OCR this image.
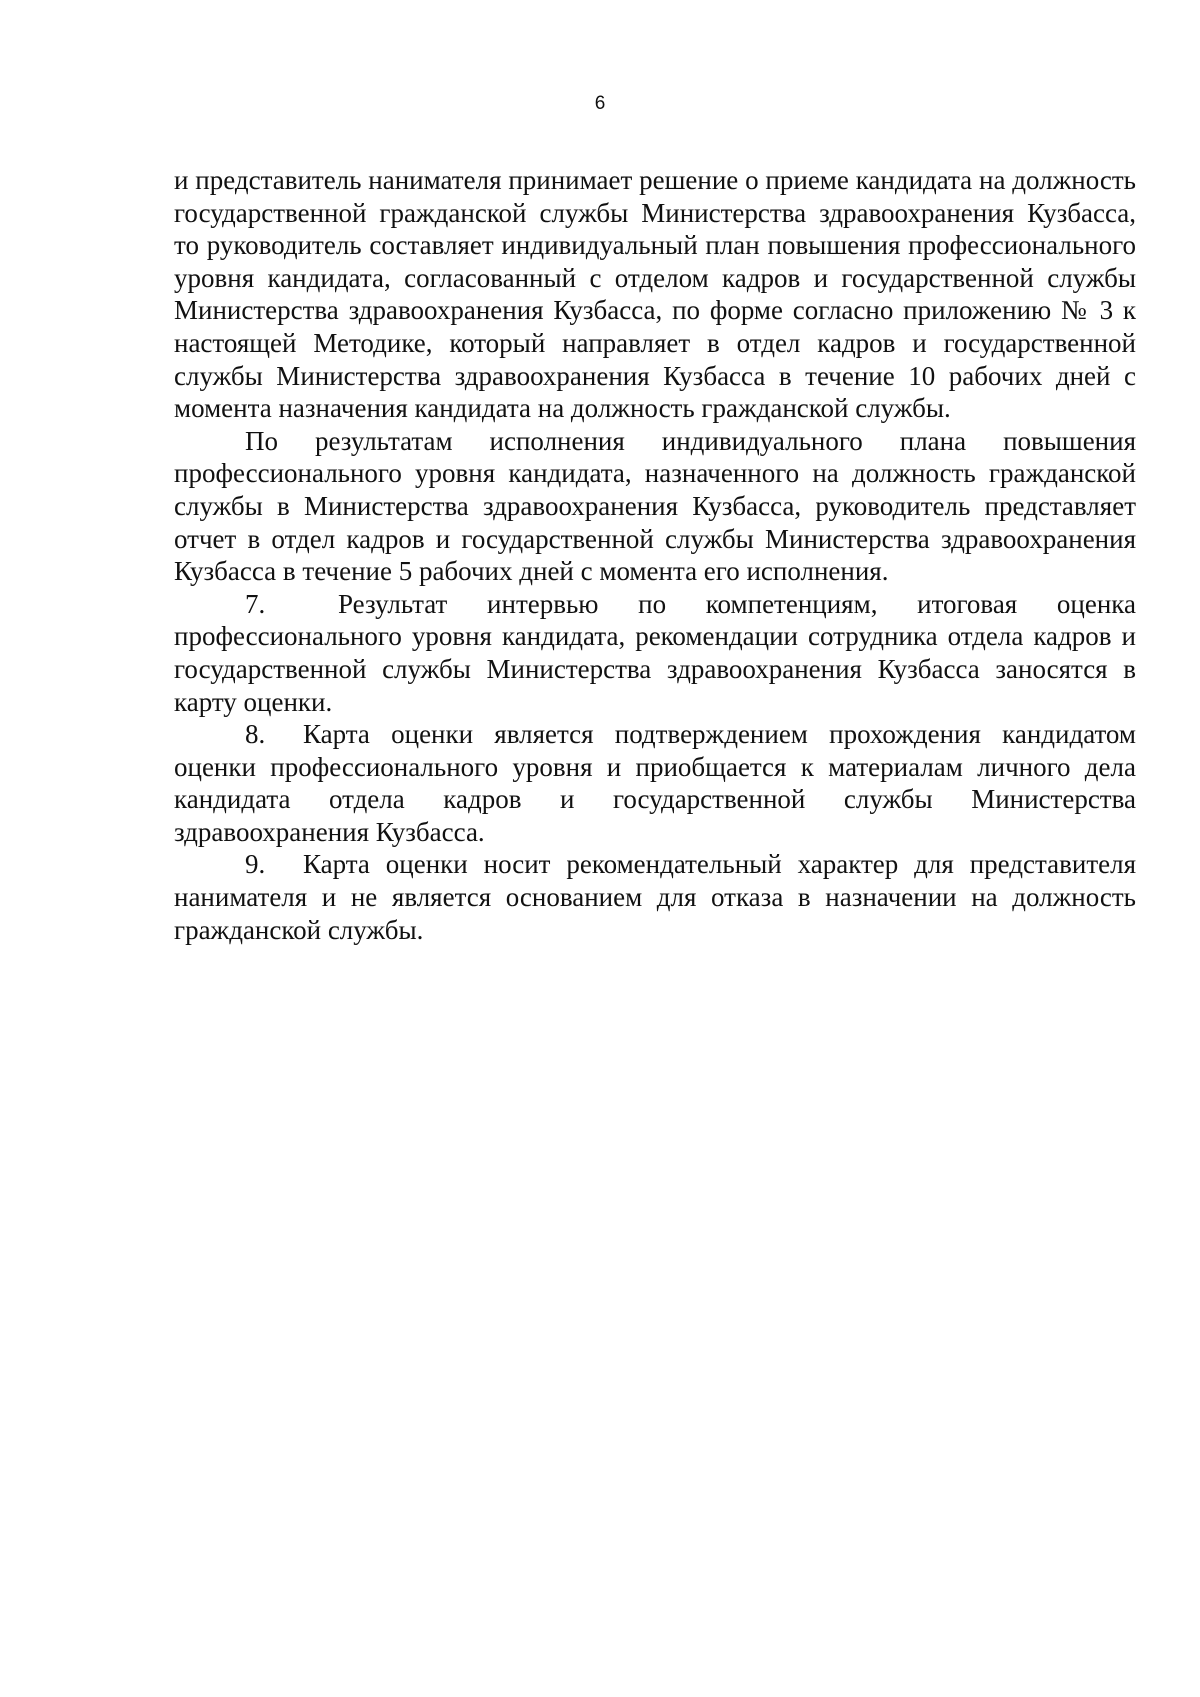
6

и представитель нанимателя принимает решение о приеме кандидата на должность государственной гражданской службы Министерства здравоохранения Кузбасса, то руководитель составляет индивидуальный план повышения профессионального уровня кандидата, согласованный с отделом кадров и государственной службы Министерства здравоохранения Кузбасса, по форме согласно приложению № 3 к настоящей Методике, который направляет в отдел кадров и государственной службы Министерства здравоохранения Кузбасса в течение 10 рабочих дней с момента назначения кандидата на должность гражданской службы.

По результатам исполнения индивидуального плана повышения профессионального уровня кандидата, назначенного на должность гражданской службы в Министерства здравоохранения Кузбасса, руководитель представляет отчет в отдел кадров и государственной службы Министерства здравоохранения Кузбасса в течение 5 рабочих дней с момента его исполнения.

7.	Результат интервью по компетенциям, итоговая оценка профессионального уровня кандидата, рекомендации сотрудника отдела кадров и государственной службы Министерства здравоохранения Кузбасса заносятся в карту оценки.

8. Карта оценки является подтверждением прохождения кандидатом оценки профессионального уровня и приобщается к материалам личного дела кандидата отдела кадров и государственной службы Министерства здравоохранения Кузбасса.

9. Карта оценки носит рекомендательный характер для представителя нанимателя и не является основанием для отказа в назначении на должность гражданской службы.
